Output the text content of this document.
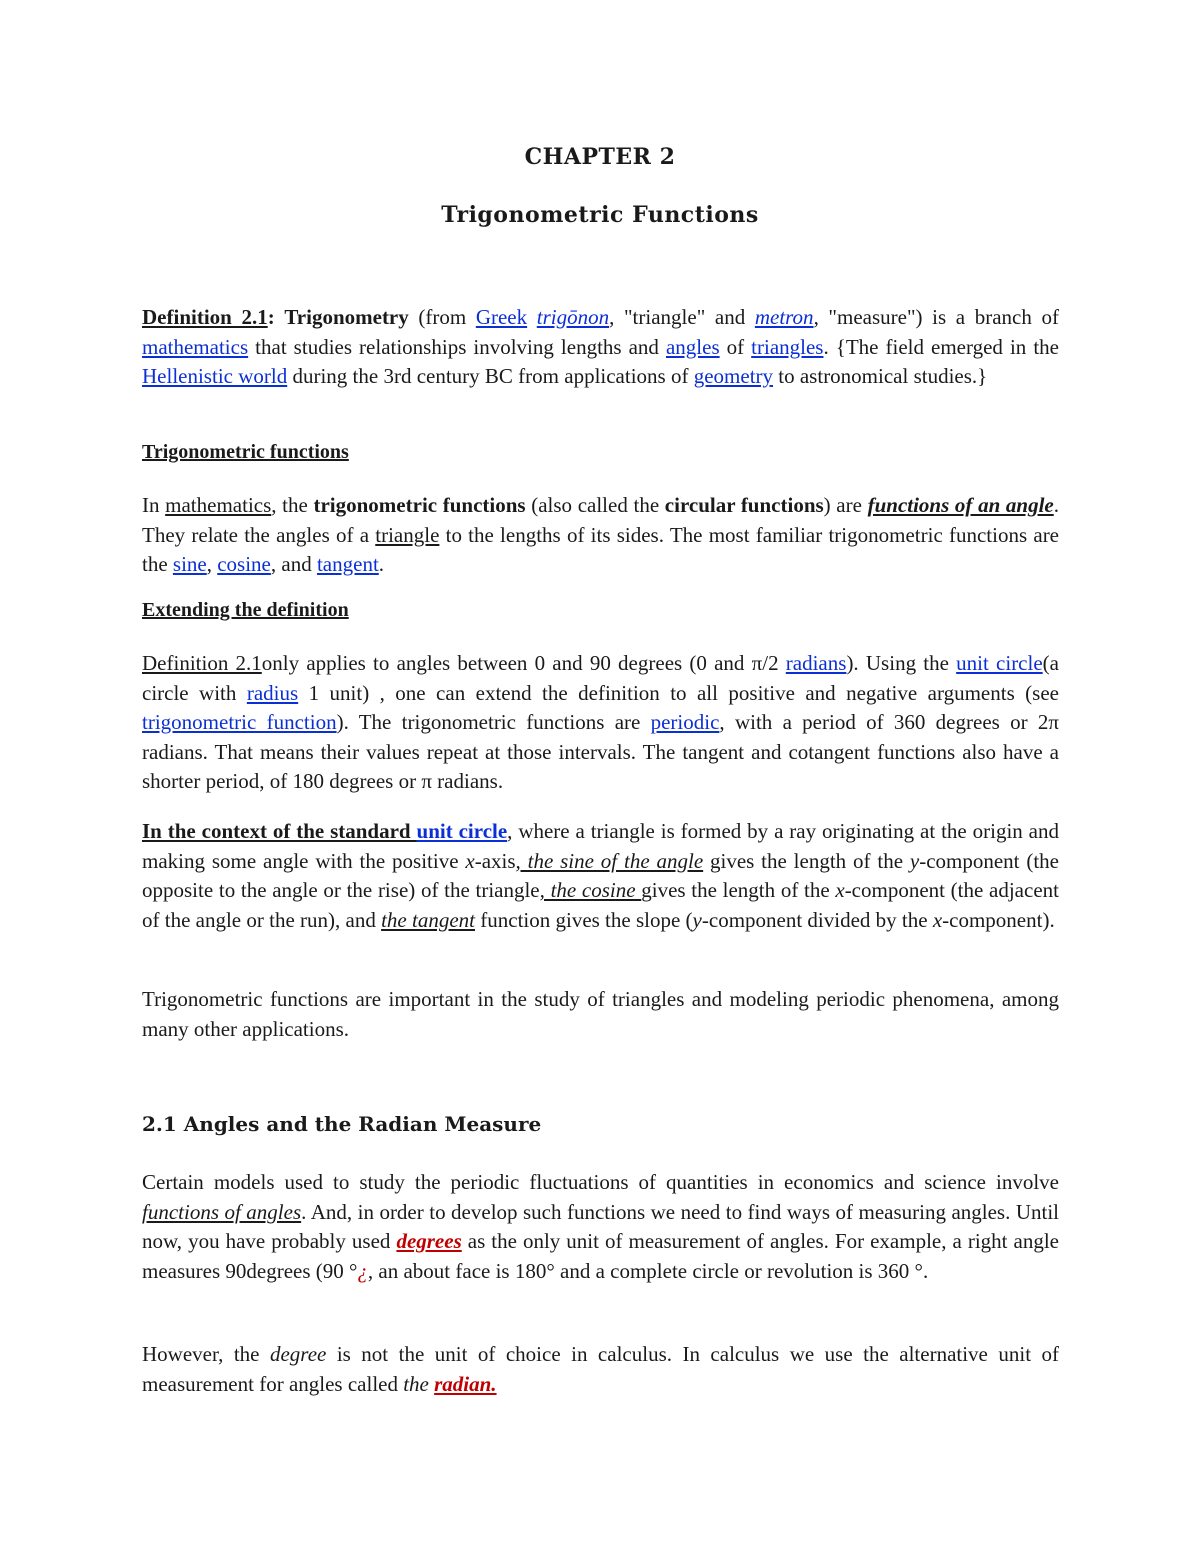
CHAPTER 2
Trigonometric Functions
Definition 2.1: Trigonometry (from Greek trigōnon, "triangle" and metron, "measure") is a branch of mathematics that studies relationships involving lengths and angles of triangles. {The field emerged in the Hellenistic world during the 3rd century BC from applications of geometry to astronomical studies.}
Trigonometric functions
In mathematics, the trigonometric functions (also called the circular functions) are functions of an angle. They relate the angles of a triangle to the lengths of its sides. The most familiar trigonometric functions are the sine, cosine, and tangent.
Extending the definition
Definition 2.1only applies to angles between 0 and 90 degrees (0 and π/2 radians). Using the unit circle(a circle with radius 1 unit) , one can extend the definition to all positive and negative arguments (see trigonometric function). The trigonometric functions are periodic, with a period of 360 degrees or 2π radians. That means their values repeat at those intervals. The tangent and cotangent functions also have a shorter period, of 180 degrees or π radians.
In the context of the standard unit circle, where a triangle is formed by a ray originating at the origin and making some angle with the positive x-axis, the sine of the angle gives the length of the y-component (the opposite to the angle or the rise) of the triangle, the cosine gives the length of the x-component (the adjacent of the angle or the run), and the tangent function gives the slope (y-component divided by the x-component).
Trigonometric functions are important in the study of triangles and modeling periodic phenomena, among many other applications.
2.1 Angles and the Radian Measure
Certain models used to study the periodic fluctuations of quantities in economics and science involve functions of angles. And, in order to develop such functions we need to find ways of measuring angles. Until now, you have probably used degrees as the only unit of measurement of angles. For example, a right angle measures 90degrees (90 °¿, an about face is 180° and a complete circle or revolution is 360 °.
However, the degree is not the unit of choice in calculus. In calculus we use the alternative unit of measurement for angles called the radian.
